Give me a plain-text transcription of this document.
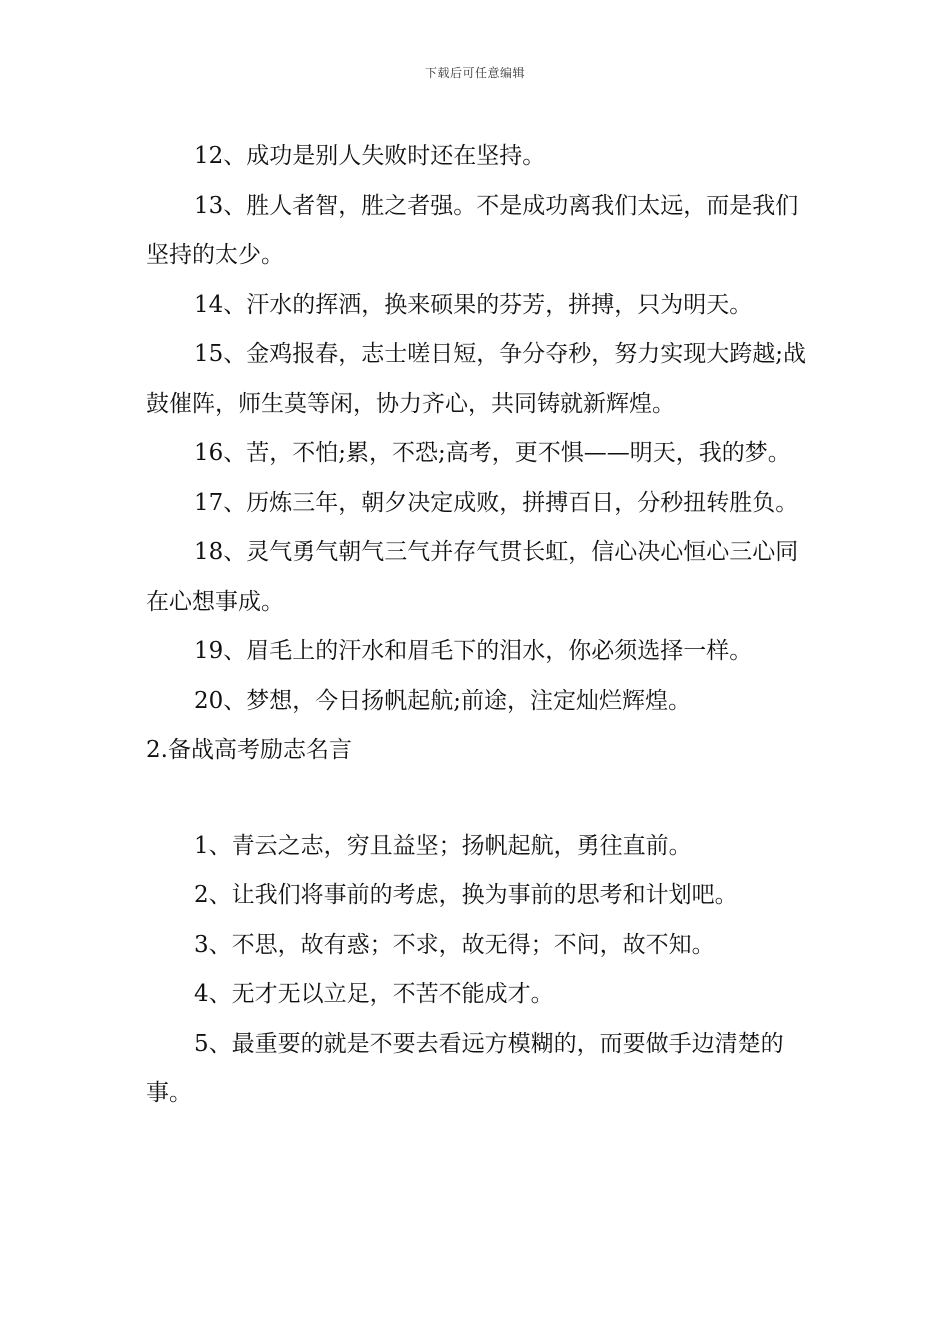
下载后可任意编辑

12、成功是别人失败时还在坚持。

13、胜人者智，胜之者强。不是成功离我们太远，而是我们坚持的太少。

14、汗水的挥洒，换来硕果的芬芳，拼搏，只为明天。

15、金鸡报春，志士嗟日短，争分夺秒，努力实现大跨越;战鼓催阵，师生莫等闲，协力齐心，共同铸就新辉煌。

16、苦，不怕;累，不恐;高考，更不惧——明天，我的梦。

17、历炼三年，朝夕决定成败，拼搏百日，分秒扭转胜负。

18、灵气勇气朝气三气并存气贯长虹，信心决心恒心三心同在心想事成。

19、眉毛上的汗水和眉毛下的泪水，你必须选择一样。

20、梦想，今日扬帆起航;前途，注定灿烂辉煌。

2.备战高考励志名言

1、青云之志，穷且益坚；扬帆起航，勇往直前。

2、让我们将事前的考虑，换为事前的思考和计划吧。

3、不思，故有惑；不求，故无得；不问，故不知。

4、无才无以立足，不苦不能成才。

5、最重要的就是不要去看远方模糊的，而要做手边清楚的事。
